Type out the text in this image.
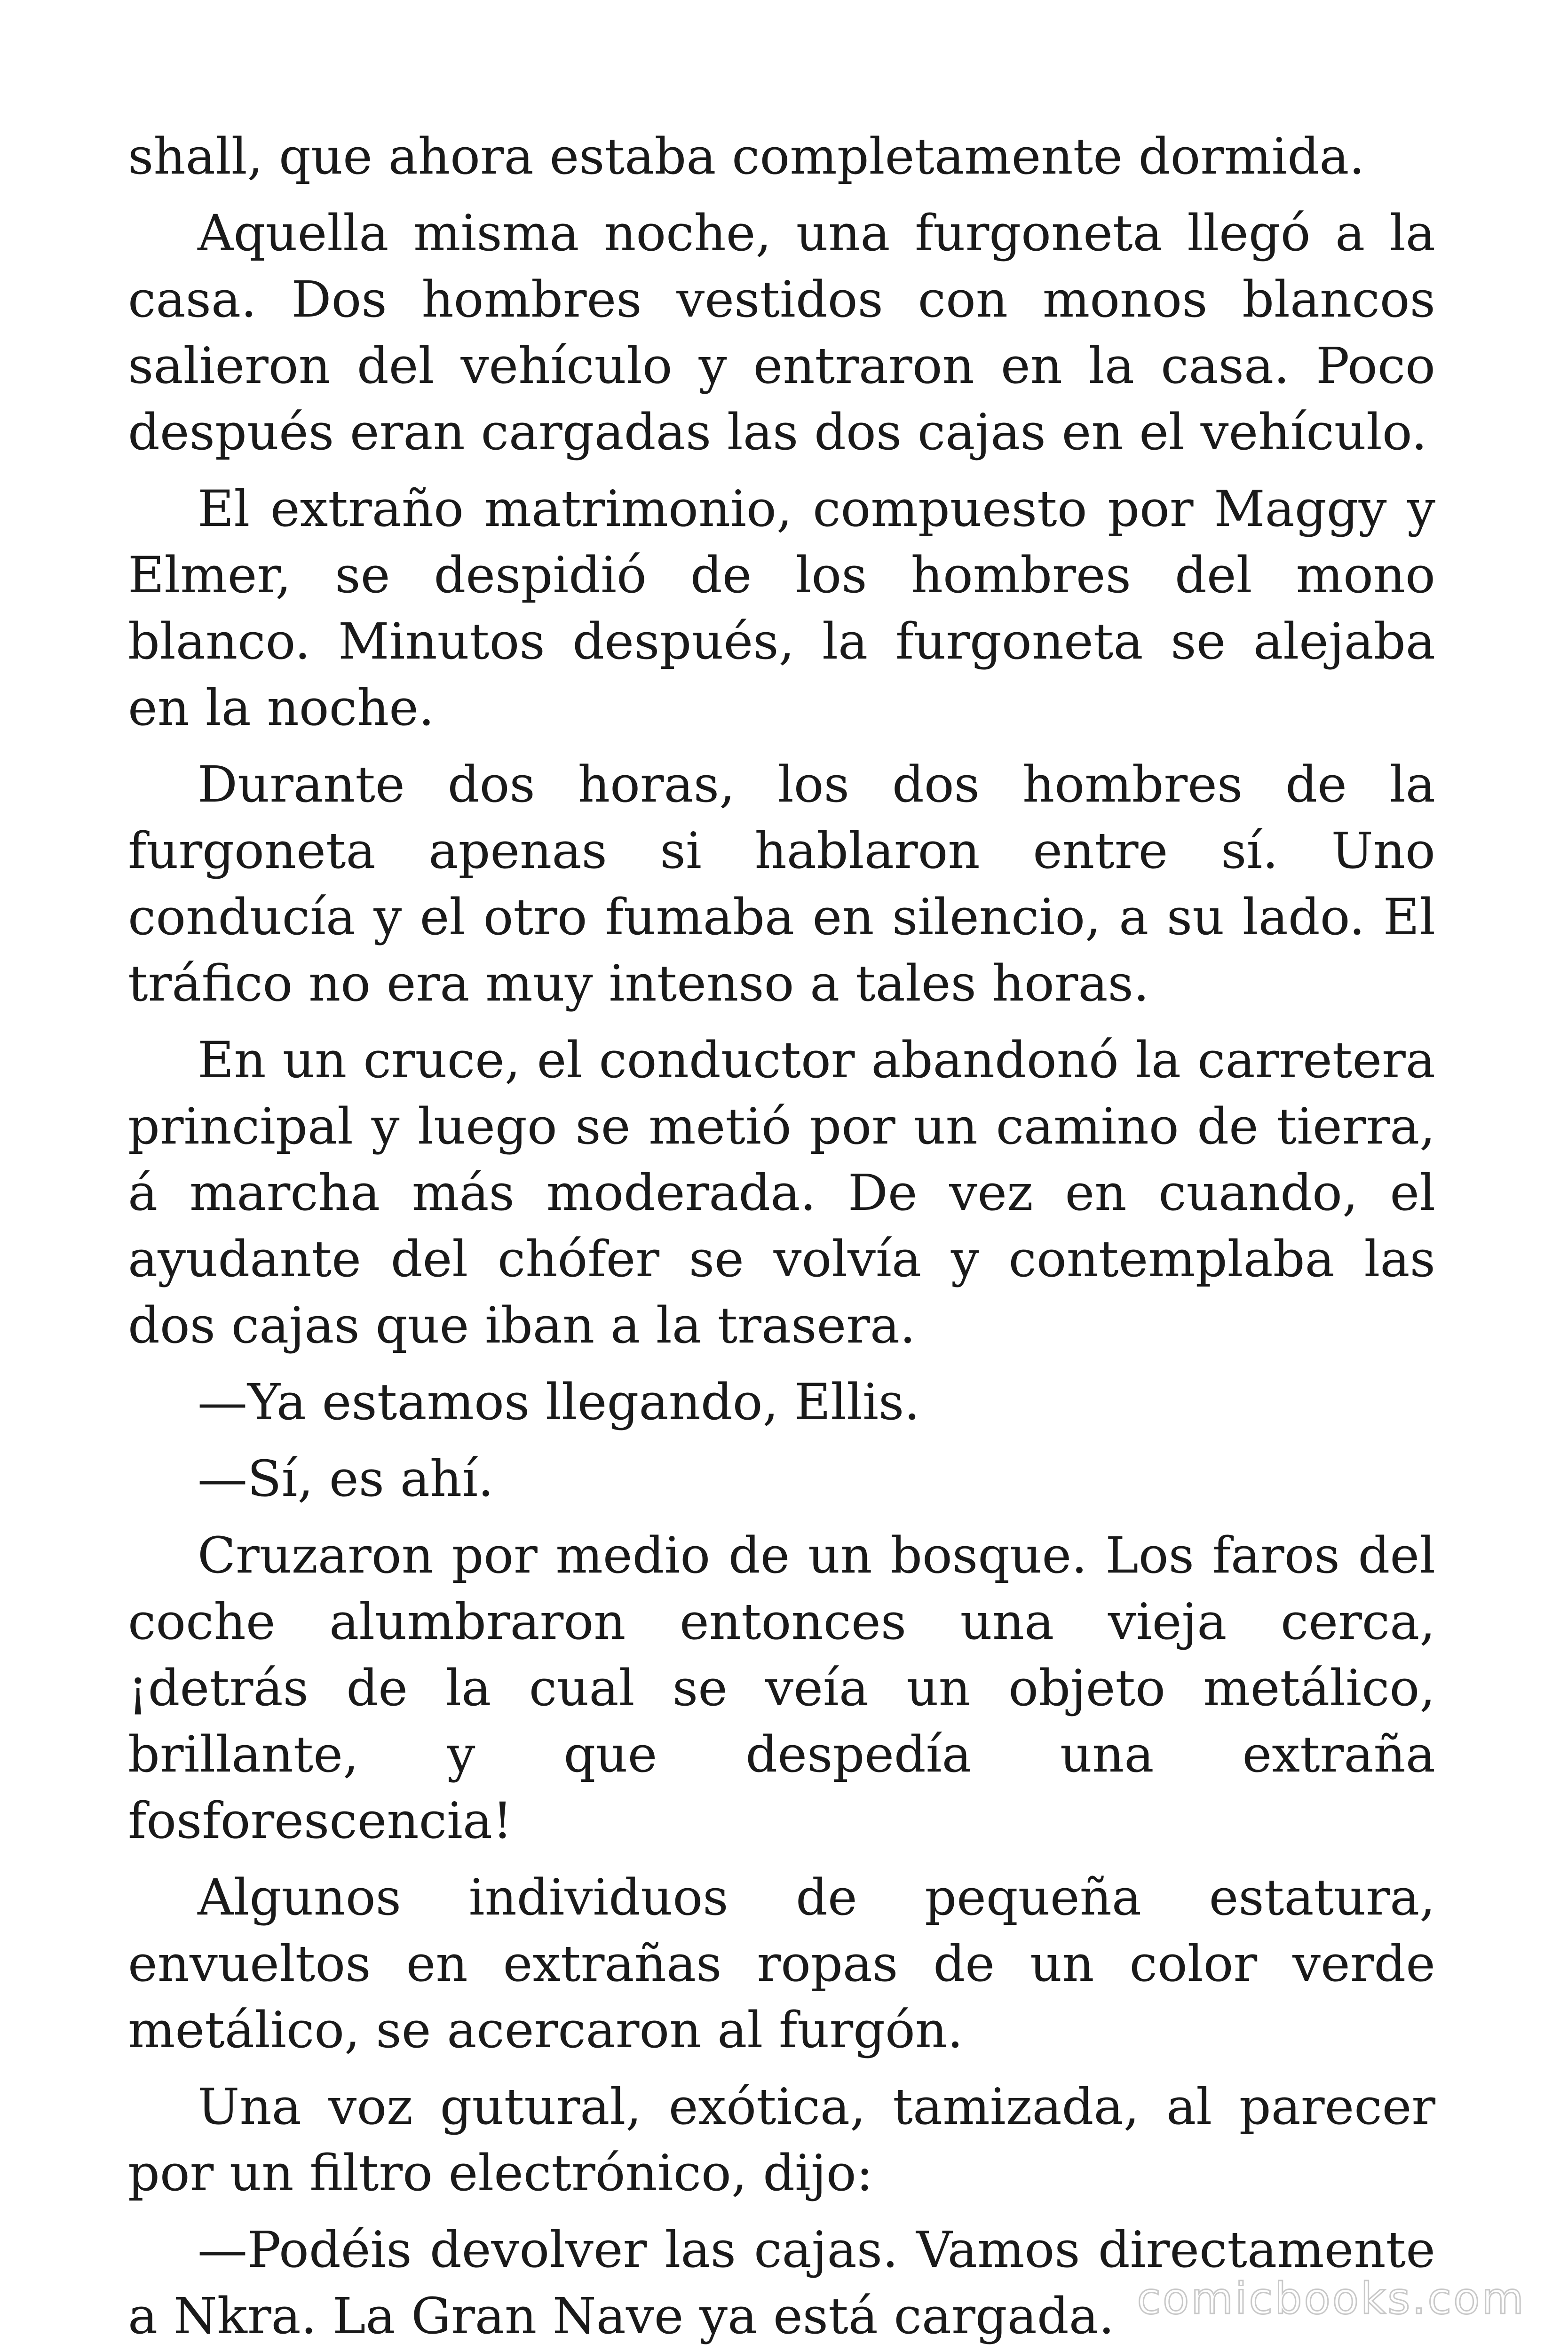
shall, que ahora estaba completamente dormida.

Aquella misma noche, una furgoneta llegó a la casa. Dos hombres vestidos con monos blancos salieron del vehículo y entraron en la casa. Poco después eran cargadas las dos cajas en el vehículo.

El extraño matrimonio, compuesto por Maggy y Elmer, se despidió de los hombres del mono blanco. Minutos después, la furgoneta se alejaba en la noche.

Durante dos horas, los dos hombres de la furgoneta apenas si hablaron entre sí. Uno conducía y el otro fumaba en silencio, a su lado. El tráfico no era muy intenso a tales horas.

En un cruce, el conductor abandonó la carretera principal y luego se metió por un camino de tierra, á marcha más moderada. De vez en cuando, el ayudante del chófer se volvía y contemplaba las dos cajas que iban a la trasera.

—Ya estamos llegando, Ellis.

—Sí, es ahí.

Cruzaron por medio de un bosque. Los faros del coche alumbraron entonces una vieja cerca, ¡detrás de la cual se veía un objeto metálico, brillante, y que despedía una extraña fosforescencia!

Algunos individuos de pequeña estatura, envueltos en extrañas ropas de un color verde metálico, se acercaron al furgón.

Una voz gutural, exótica, tamizada, al parecer por un filtro electrónico, dijo:

—Podéis devolver las cajas. Vamos directamente a Nkra. La Gran Nave ya está cargada. comicbooks.com
